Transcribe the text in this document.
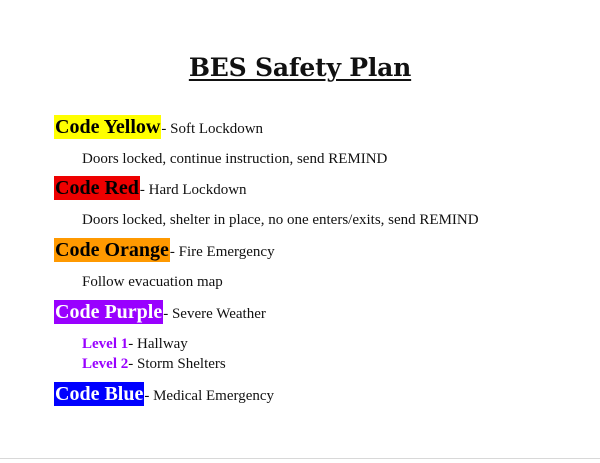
BES Safety Plan
Code Yellow- Soft Lockdown
Doors locked, continue instruction, send REMIND
Code Red- Hard Lockdown
Doors locked, shelter in place, no one enters/exits, send REMIND
Code Orange- Fire Emergency
Follow evacuation map
Code Purple- Severe Weather
Level 1- Hallway
Level 2- Storm Shelters
Code Blue- Medical Emergency
